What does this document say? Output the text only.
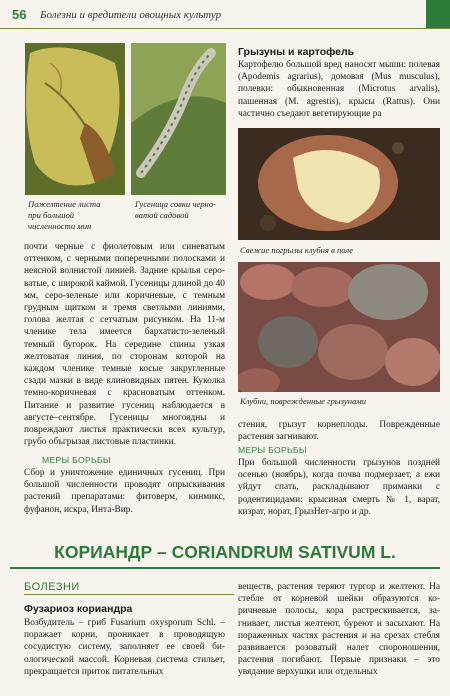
56 Болезни и вредители овощных культур
Пожелтение листа
при большой
численности мин
Гусеница совки черно-
ватой садовой

почти черные с фиолетовым или синеватым оттенком, с черными поперечными полосками и неясной волнистой линией. Задние крылья сероватые, с широкой каймой. Гусеницы длиной до 40 мм, серо-зеленые или коричневые, с темным грудным щитком и тремя светлыми линиями, голова желтая с сетчатым рисунком. На 11-м членике тела имеется бархатисто-зеленый темный бугорок. На середине спины узкая желтоватая линия, по сторонам которой на каждом членике темные косые закругленные сзади мазки в виде клиновидных пятен. Куколка темно-коричневая с красноватым оттенком. Питание и развитие гусениц наблюдается в августе–сентябре. Гусеницы многоядны и повреждают листья практически всех культур, грубо объгрызая листовые пластинки.

МЕРЫ БОРЬБЫ

Сбор и уничтожение единичных гусениц. При большой численности проводят опрыскивания растений препаратами: фитоверм, кинмикс, фуфанон, искра, Инта-Вир.

Грызуны и картофель

Картофелю большой вред наносят мыши: полевая (Apodemis agrarius), домовая (Mus musculus), полевки: обыкновенная (Microtus arvalis), пашенная (M. agrestis), крысы (Rattus). Они частично съедают вегетирующие ра

Свежие погрызы клубня в поле
Клубни, поврежденные грызунами

стения, грызут корнеплоды. Поврежденные растения загнивают.

МЕРЫ БОРЬБЫ

При большой численности грызунов поздней осенью (ноябрь), когда почва подмерзает, а ежи уйдут спать, раскладывают приманки с родентицидами: крысиная смерть № 1, варат, кизрат, норат, ГрызНет-агро и др.

КОРИАНДР – CORIANDRUM SATIVUM L.
БОЛЕЗНИ
Фузариоз кориандра

Возбудитель – гриб Fusarium oxysporum Schl. – поражает корни, проникает в проводящую сосудистую систему, заполняет ее своей биологической массой. Корневая система стильет, прекращается приток питательных

веществ, растения теряют тургор и желтеют. На стебле от корневой шейки образуются коричневые полосы, кора растрескивается, загнивает, листья желтеют, буреют и засыхают. На пораженных частях растения и на срезах стебля развивается розоватый налет спороношения, растения погибают. Первые признаки – это увядание верхушки или отдельных
